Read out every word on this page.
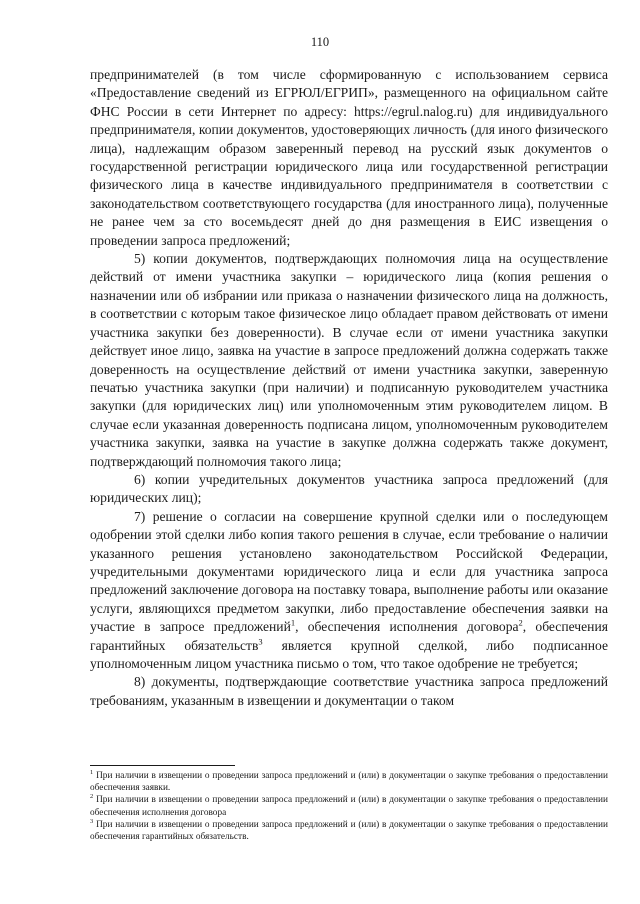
110

предпринимателей (в том числе сформированную с использованием сервиса «Предоставление сведений из ЕГРЮЛ/ЕГРИП», размещенного на официальном сайте ФНС России в сети Интернет по адресу: https://egrul.nalog.ru) для индивидуального предпринимателя, копии документов, удостоверяющих личность (для иного физического лица), надлежащим образом заверенный перевод на русский язык документов о государственной регистрации юридического лица или государственной регистрации физического лица в качестве индивидуального предпринимателя в соответствии с законодательством соответствующего государства (для иностранного лица), полученные не ранее чем за сто восемьдесят дней до дня размещения в ЕИС извещения о проведении запроса предложений;

5) копии документов, подтверждающих полномочия лица на осуществление действий от имени участника закупки – юридического лица (копия решения о назначении или об избрании или приказа о назначении физического лица на должность, в соответствии с которым такое физическое лицо обладает правом действовать от имени участника закупки без доверенности). В случае если от имени участника закупки действует иное лицо, заявка на участие в запросе предложений должна содержать также доверенность на осуществление действий от имени участника закупки, заверенную печатью участника закупки (при наличии) и подписанную руководителем участника закупки (для юридических лиц) или уполномоченным этим руководителем лицом. В случае если указанная доверенность подписана лицом, уполномоченным руководителем участника закупки, заявка на участие в закупке должна содержать также документ, подтверждающий полномочия такого лица;

6) копии учредительных документов участника запроса предложений (для юридических лиц);

7) решение о согласии на совершение крупной сделки или о последующем одобрении этой сделки либо копия такого решения в случае, если требование о наличии указанного решения установлено законодательством Российской Федерации, учредительными документами юридического лица и если для участника запроса предложений заключение договора на поставку товара, выполнение работы или оказание услуги, являющихся предметом закупки, либо предоставление обеспечения заявки на участие в запросе предложений$^1$, обеспечения исполнения договора$^2$, обеспечения гарантийных обязательств$^3$ является крупной сделкой, либо подписанное уполномоченным лицом участника письмо о том, что такое одобрение не требуется;

8) документы, подтверждающие соответствие участника запроса предложений требованиям, указанным в извещении и документации о таком

$^1$ При наличии в извещении о проведении запроса предложений и (или) в документации о закупке требования о предоставлении обеспечения заявки.

$^2$ При наличии в извещении о проведении запроса предложений и (или) в документации о закупке требования о предоставлении обеспечения исполнения договора

$^3$ При наличии в извещении о проведении запроса предложений и (или) в документации о закупке требования о предоставлении обеспечения гарантийных обязательств.
